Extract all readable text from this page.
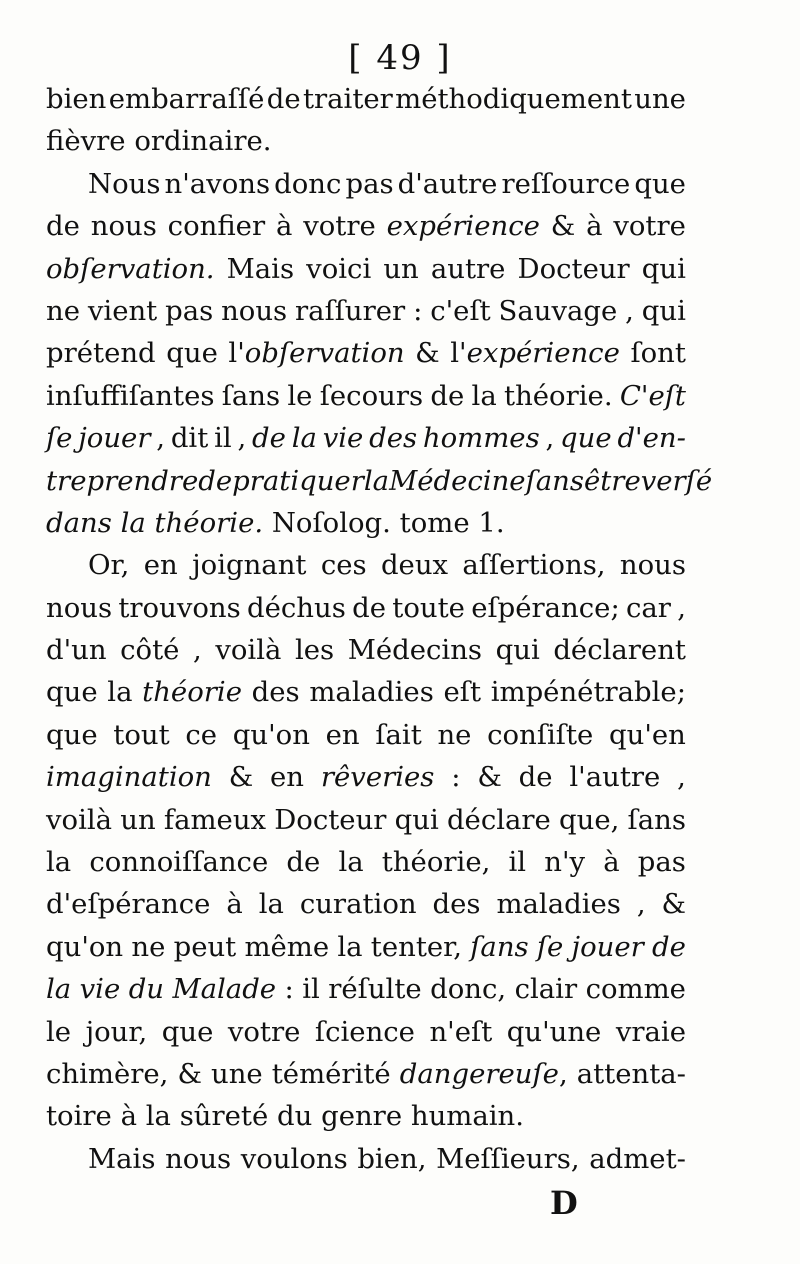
[ 49 ]
bien embarraſſé de traiter méthodiquement une
fièvre ordinaire.
Nous n'avons donc pas d'autre reſſource que
de nous confier à votre expérience & à votre
obſervation. Mais voici un autre Docteur qui
ne vient pas nous raſſurer : c'eſt Sauvage , qui
prétend que l'obſervation & l'expérience ſont
inſuffiſantes ſans le ſecours de la théorie. C'eſt
ſe jouer , dit il , de la vie des hommes , que d'en-
treprendre de pratiquer la Médecine ſans être verſé
dans la théorie. Noſolog. tome 1.
Or, en joignant ces deux aſſertions, nous
nous trouvons déchus de toute eſpérance; car ,
d'un côté , voilà les Médecins qui déclarent
que la théorie des maladies eſt impénétrable;
que tout ce qu'on en ſait ne conſiſte qu'en
imagination & en rêveries : & de l'autre ,
voilà un fameux Docteur qui déclare que, ſans
la connoiſſance de la théorie, il n'y à pas
d'eſpérance à la curation des maladies , &
qu'on ne peut même la tenter, ſans ſe jouer de
la vie du Malade : il réſulte donc, clair comme
le jour, que votre ſcience n'eſt qu'une vraie
chimère, & une témérité dangereuſe, attenta-
toire à la sûreté du genre humain.
Mais nous voulons bien, Meſſieurs, admet-
D
